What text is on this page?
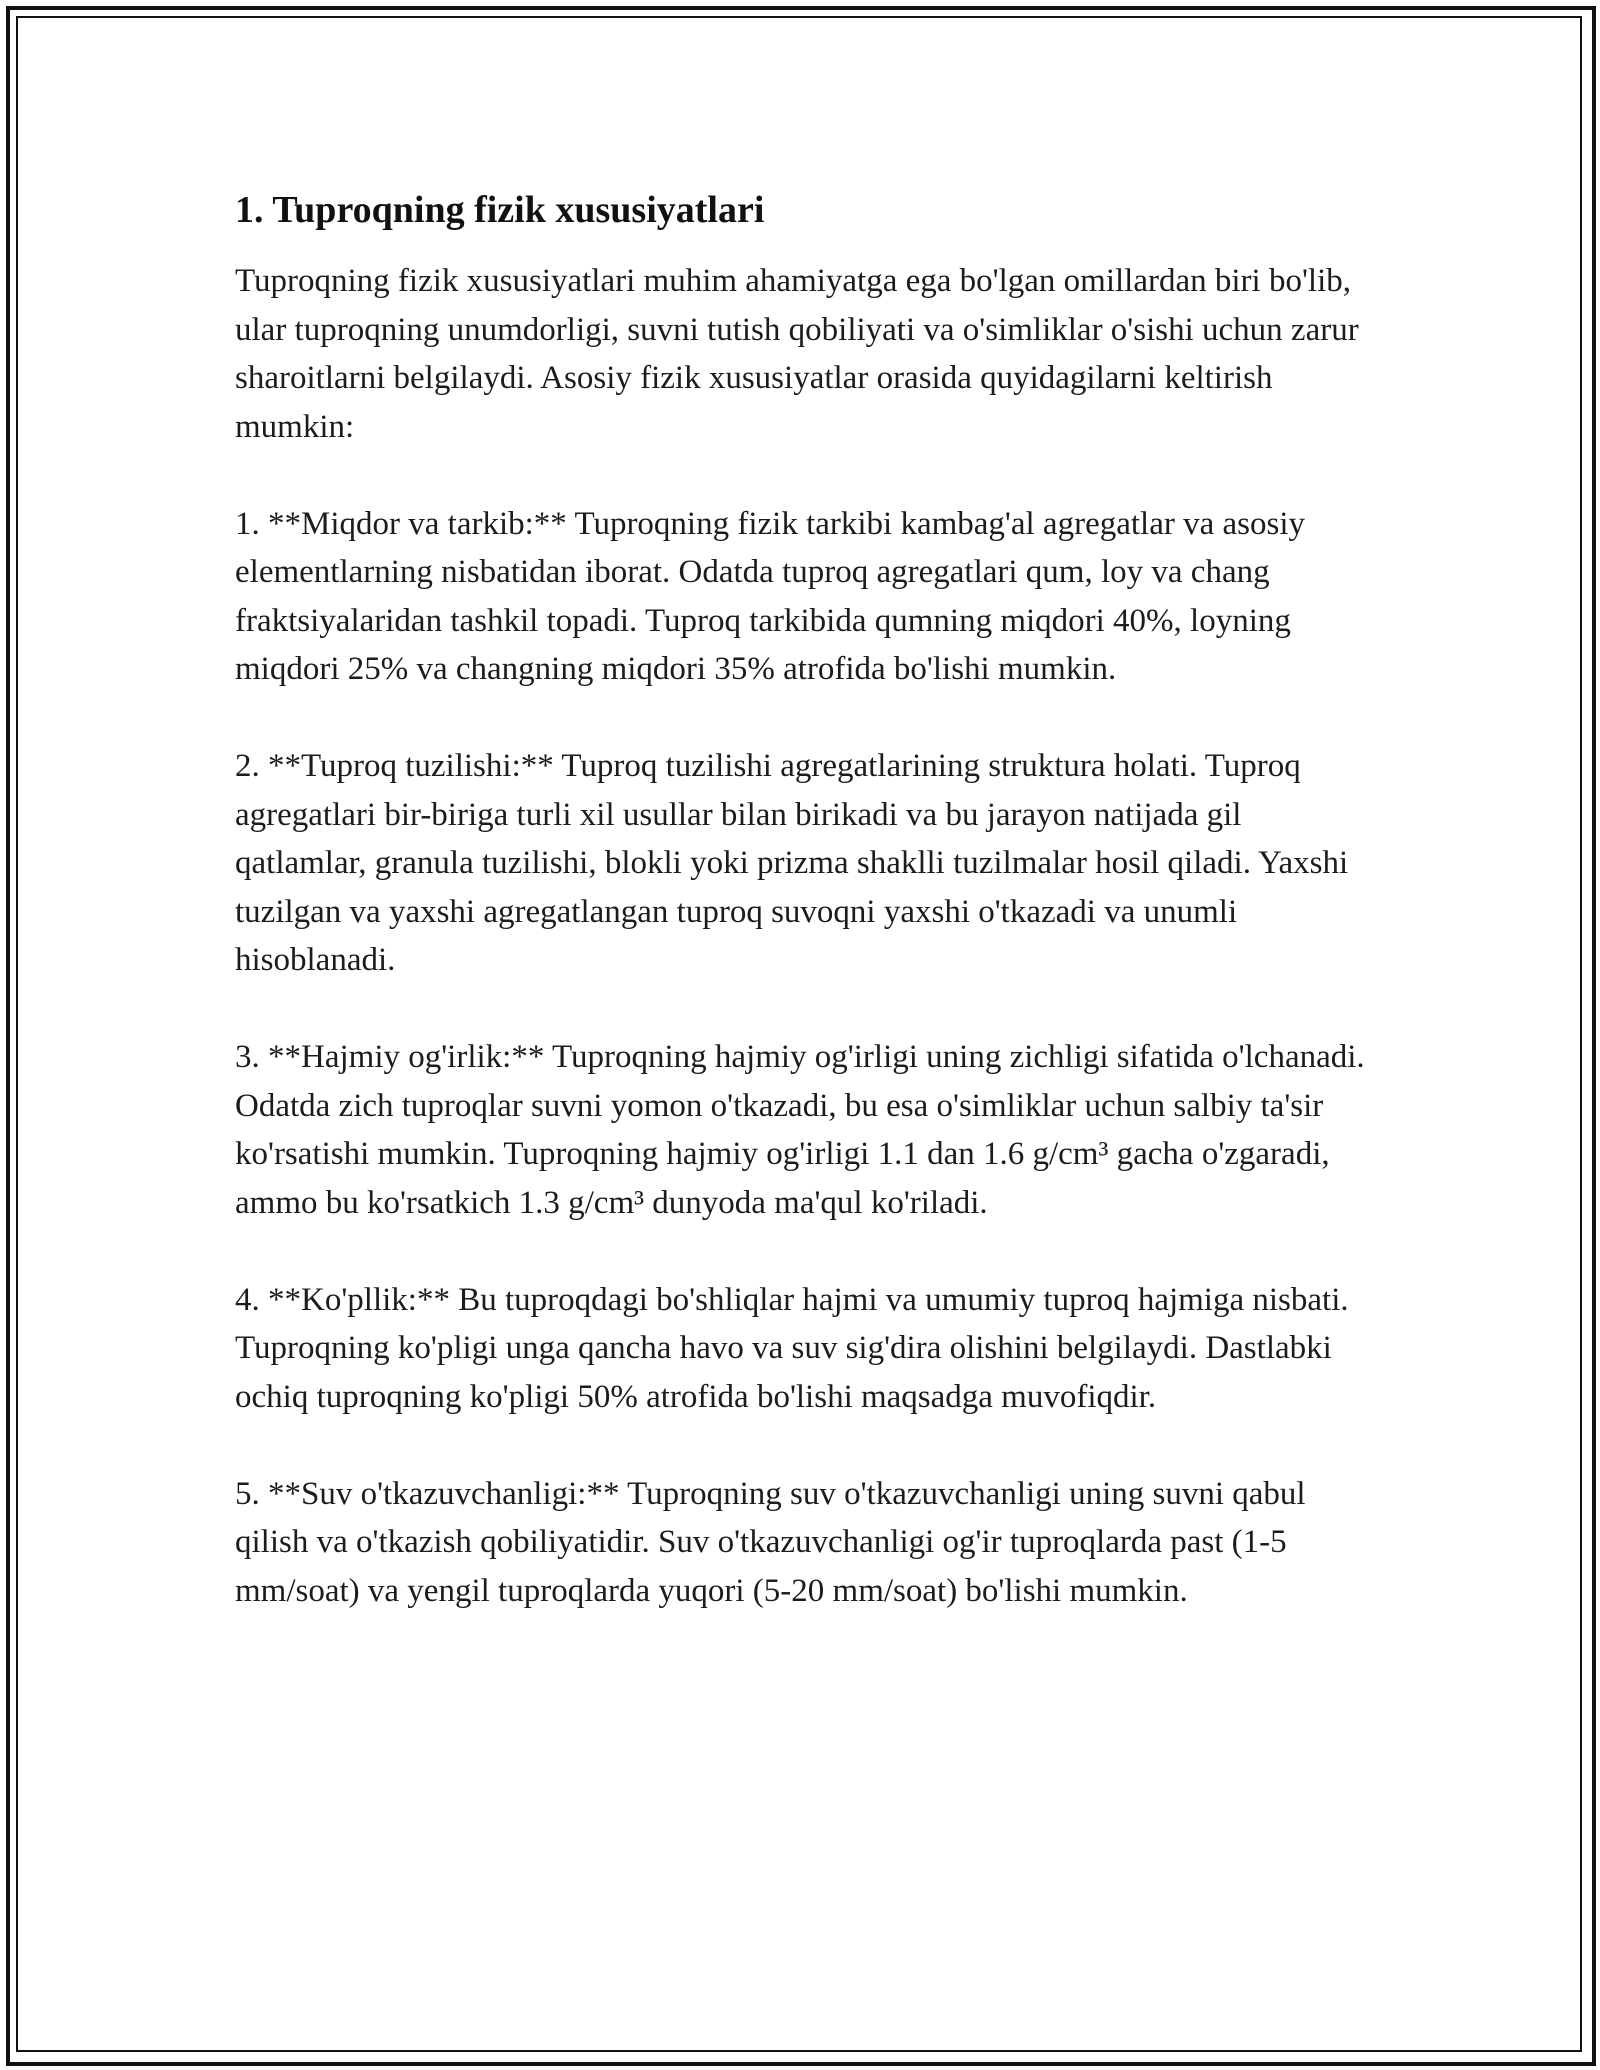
1. Tuproqning fizik xususiyatlari

Tuproqning fizik xususiyatlari muhim ahamiyatga ega bo'lgan omillardan biri bo'lib, ular tuproqning unumdorligi, suvni tutish qobiliyati va o'simliklar o'sishi uchun zarur sharoitlarni belgilaydi. Asosiy fizik xususiyatlar orasida quyidagilarni keltirish mumkin:

1. **Miqdor va tarkib:** Tuproqning fizik tarkibi kambag'al agregatlar va asosiy elementlarning nisbatidan iborat. Odatda tuproq agregatlari qum, loy va chang fraktsiyalaridan tashkil topadi. Tuproq tarkibida qumning miqdori 40%, loyning miqdori 25% va changning miqdori 35% atrofida bo'lishi mumkin.

2. **Tuproq tuzilishi:** Tuproq tuzilishi agregatlarining struktura holati. Tuproq agregatlari bir-biriga turli xil usullar bilan birikadi va bu jarayon natijada gil qatlamlar, granula tuzilishi, blokli yoki prizma shaklli tuzilmalar hosil qiladi. Yaxshi tuzilgan va yaxshi agregatlangan tuproq suvoqni yaxshi o'tkazadi va unumli hisoblanadi.

3. **Hajmiy og'irlik:** Tuproqning hajmiy og'irligi uning zichligi sifatida o'lchanadi. Odatda zich tuproqlar suvni yomon o'tkazadi, bu esa o'simliklar uchun salbiy ta'sir ko'rsatishi mumkin. Tuproqning hajmiy og'irligi 1.1 dan 1.6 g/cm³ gacha o'zgaradi, ammo bu ko'rsatkich 1.3 g/cm³ dunyoda ma'qul ko'riladi.

4. **Ko'pllik:** Bu tuproqdagi bo'shliqlar hajmi va umumiy tuproq hajmiga nisbati. Tuproqning ko'pligi unga qancha havo va suv sig'dira olishini belgilaydi. Dastlabki ochiq tuproqning ko'pligi 50% atrofida bo'lishi maqsadga muvofiqdir.

5. **Suv o'tkazuvchanligi:** Tuproqning suv o'tkazuvchanligi uning suvni qabul qilish va o'tkazish qobiliyatidir. Suv o'tkazuvchanligi og'ir tuproqlarda past (1-5 mm/soat) va yengil tuproqlarda yuqori (5-20 mm/soat) bo'lishi mumkin.
